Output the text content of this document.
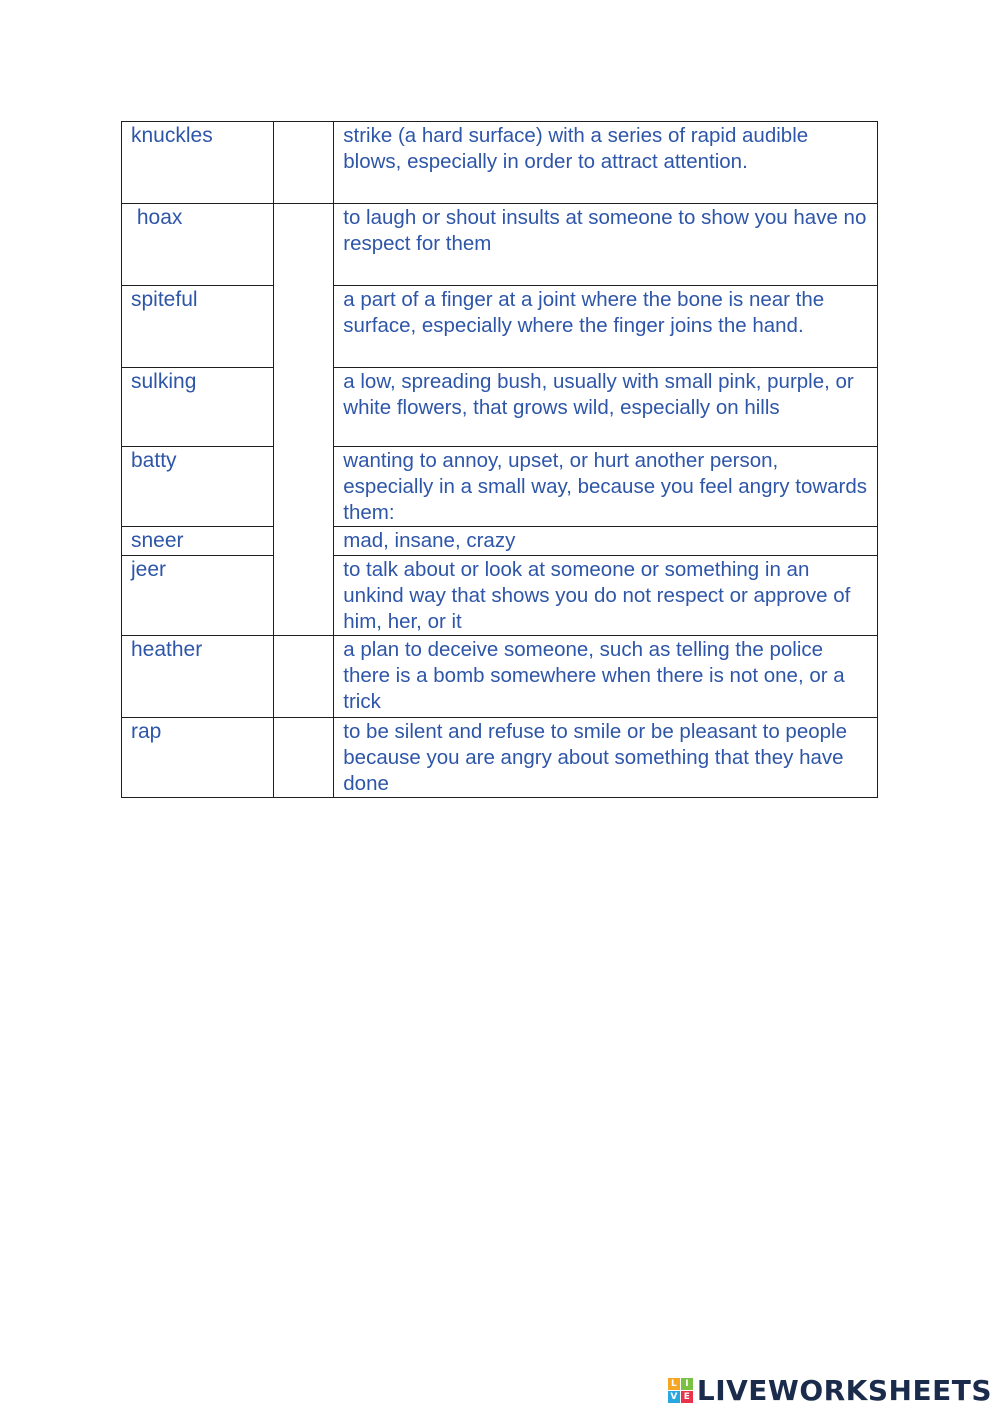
knuckles		strike (a hard surface) with a series of rapid audible blows, especially in order to attract attention.
hoax		to laugh or shout insults at someone to show you have no respect for them
spiteful		a part of a finger at a joint where the bone is near the surface, especially where the finger joins the hand.
sulking		a low, spreading bush, usually with small pink, purple, or white flowers, that grows wild, especially on hills
batty		wanting to annoy, upset, or hurt another person, especially in a small way, because you feel angry towards them:
sneer		mad, insane, crazy
jeer		to talk about or look at someone or something in an unkind way that shows you do not respect or approve of him, her, or it
heather		a plan to deceive someone, such as telling the police there is a bomb somewhere when there is not one, or a trick
rap		to be silent and refuse to smile or be pleasant to people because you are angry about something that they have done
L I
V E LIVEWORKSHEETS
